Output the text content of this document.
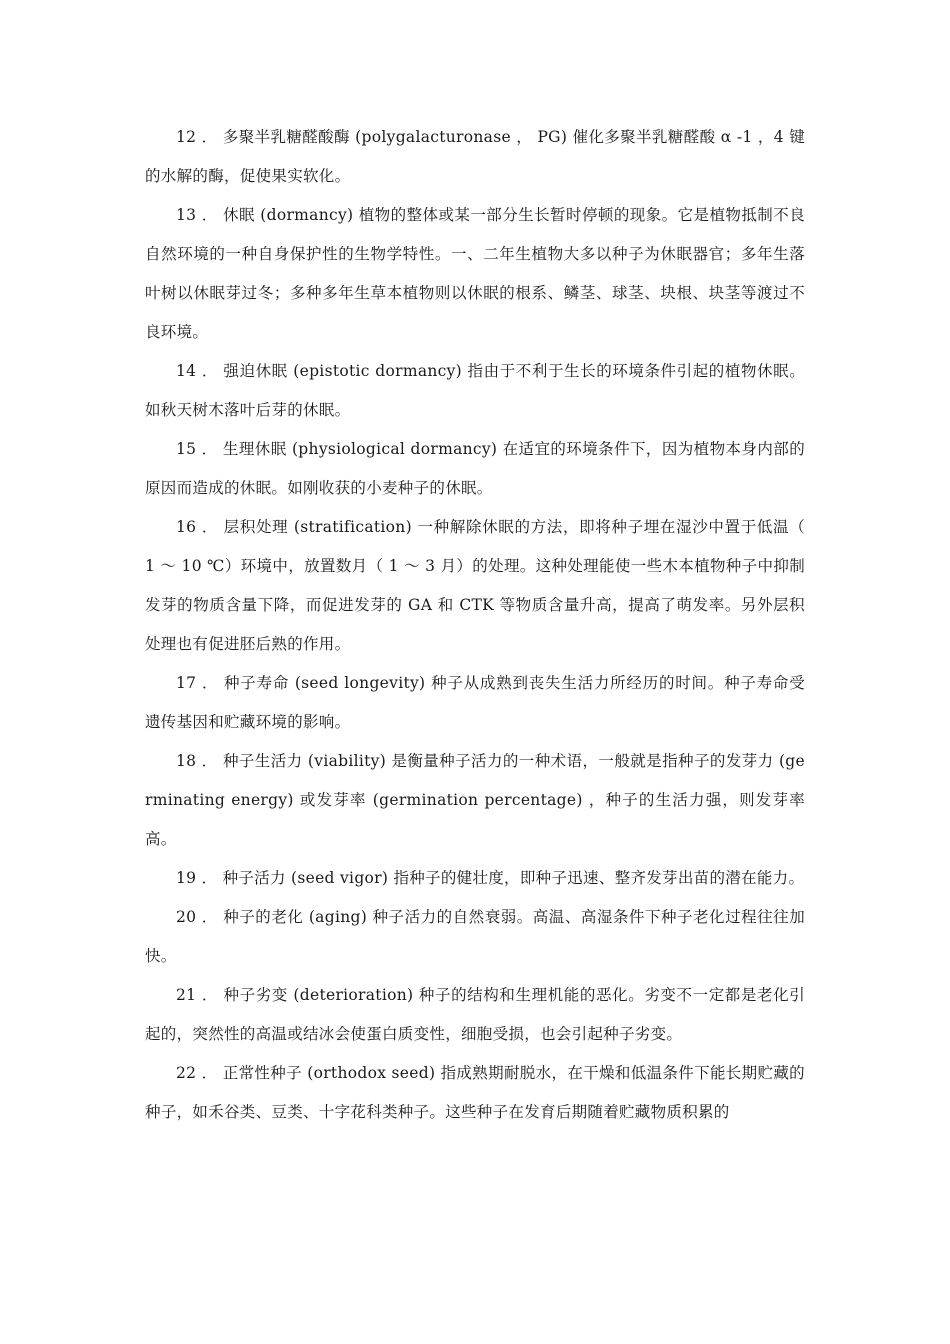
12 ． 多聚半乳糖醛酸酶 (polygalacturonase ， PG) 催化多聚半乳糖醛酸 α -1 ，4 键的水解的酶，促使果实软化。

13 ． 休眠 (dormancy) 植物的整体或某一部分生长暂时停顿的现象。它是植物抵制不良自然环境的一种自身保护性的生物学特性。一、二年生植物大多以种子为休眠器官；多年生落叶树以休眠芽过冬；多种多年生草本植物则以休眠的根系、鳞茎、球茎、块根、块茎等渡过不良环境。

14 ． 强迫休眠 (epistotic dormancy) 指由于不利于生长的环境条件引起的植物休眠。如秋天树木落叶后芽的休眠。

15 ． 生理休眠 (physiological dormancy) 在适宜的环境条件下，因为植物本身内部的原因而造成的休眠。如刚收获的小麦种子的休眠。

16 ． 层积处理 (stratification) 一种解除休眠的方法，即将种子埋在湿沙中置于低温（ 1 ～ 10 ℃）环境中，放置数月（ 1 ～ 3 月）的处理。这种处理能使一些木本植物种子中抑制发芽的物质含量下降，而促进发芽的 GA 和 CTK 等物质含量升高，提高了萌发率。另外层积处理也有促进胚后熟的作用。

17 ． 种子寿命 (seed longevity) 种子从成熟到丧失生活力所经历的时间。种子寿命受遗传基因和贮藏环境的影响。

18 ． 种子生活力 (viability) 是衡量种子活力的一种术语，一般就是指种子的发芽力 (germinating energy) 或发芽率 (germination percentage) ，种子的生活力强，则发芽率高。

19 ． 种子活力 (seed vigor) 指种子的健壮度，即种子迅速、整齐发芽出苗的潜在能力。

20 ． 种子的老化 (aging) 种子活力的自然衰弱。高温、高湿条件下种子老化过程往往加快。

21 ． 种子劣变 (deterioration) 种子的结构和生理机能的恶化。劣变不一定都是老化引起的，突然性的高温或结冰会使蛋白质变性，细胞受损，也会引起种子劣变。

22 ． 正常性种子 (orthodox seed) 指成熟期耐脱水，在干燥和低温条件下能长期贮藏的种子，如禾谷类、豆类、十字花科类种子。这些种子在发育后期随着贮藏物质积累的
